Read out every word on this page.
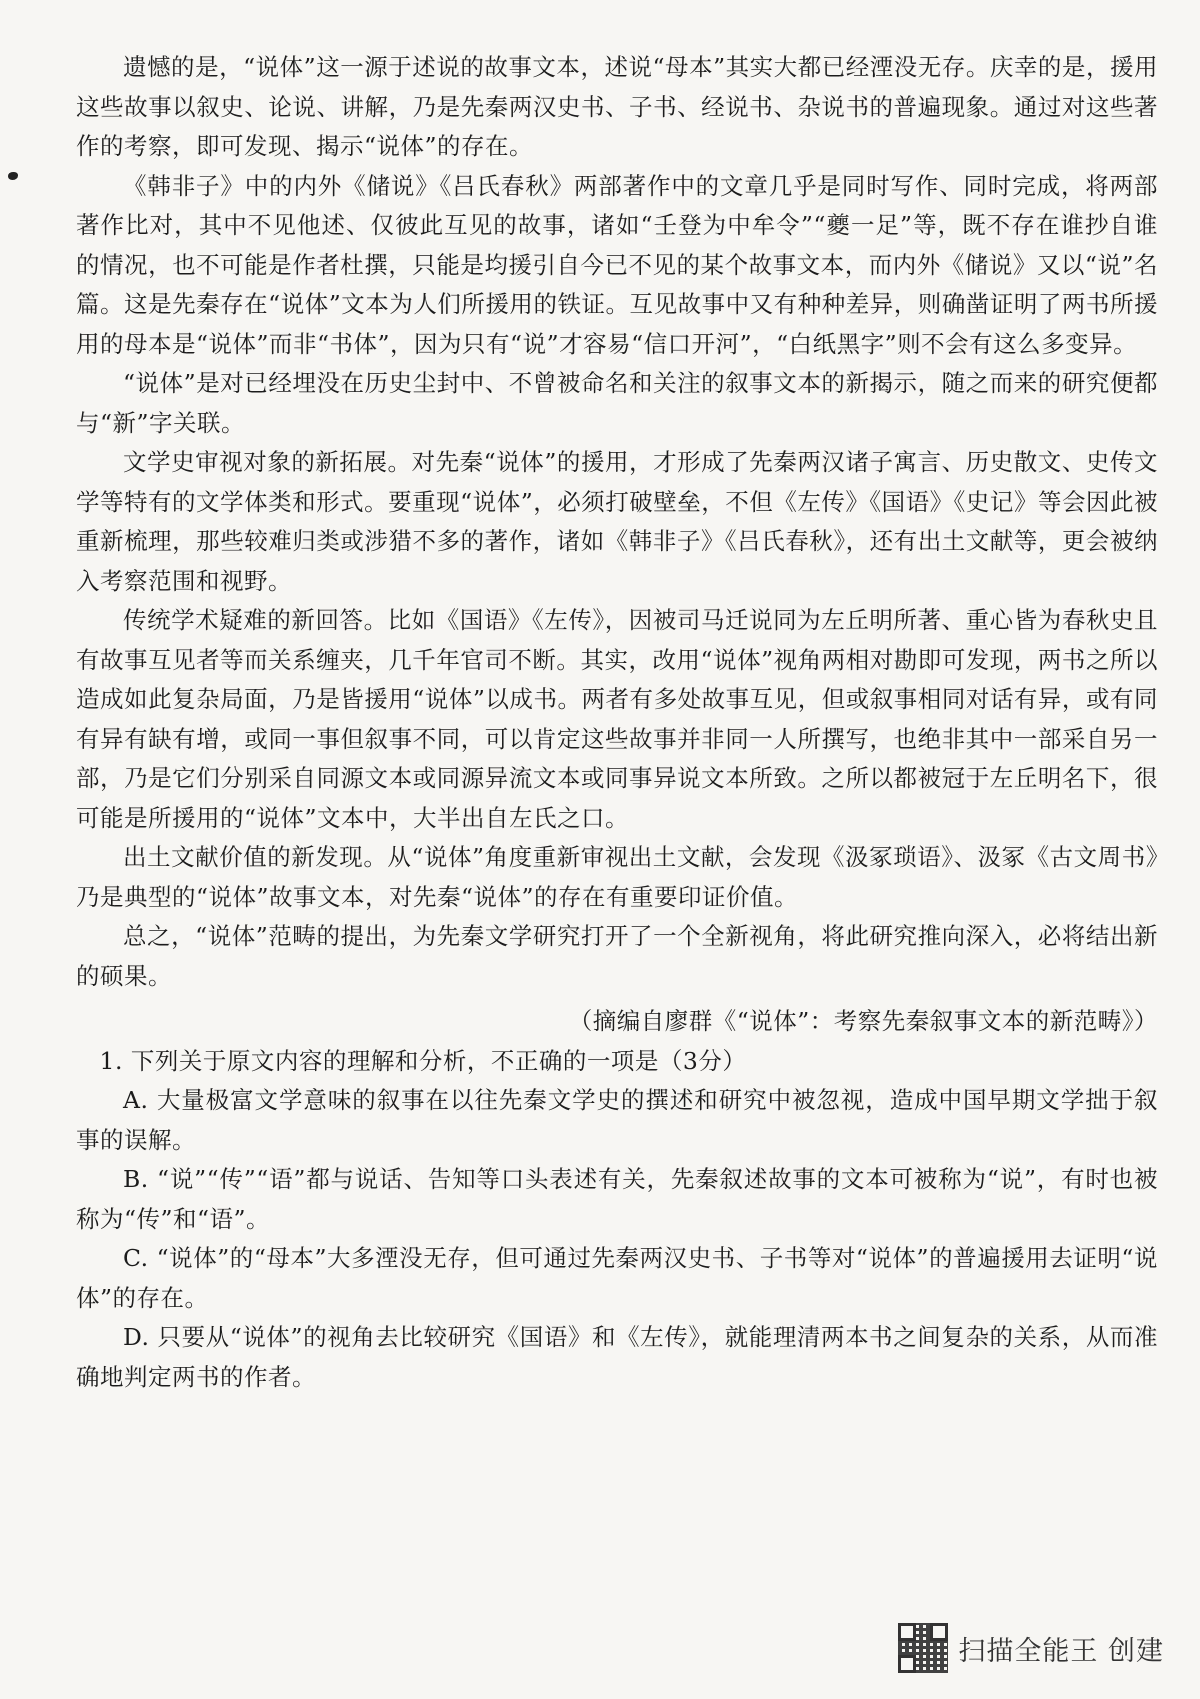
遗憾的是，“说体”这一源于述说的故事文本，述说“母本”其实大都已经湮没无存。庆幸的是，援用这些故事以叙史、论说、讲解，乃是先秦两汉史书、子书、经说书、杂说书的普遍现象。通过对这些著作的考察，即可发现、揭示“说体”的存在。

《韩非子》中的内外《储说》《吕氏春秋》两部著作中的文章几乎是同时写作、同时完成，将两部著作比对，其中不见他述、仅彼此互见的故事，诸如“壬登为中牟令”“夔一足”等，既不存在谁抄自谁的情况，也不可能是作者杜撰，只能是均援引自今已不见的某个故事文本，而内外《储说》又以“说”名篇。这是先秦存在“说体”文本为人们所援用的铁证。互见故事中又有种种差异，则确凿证明了两书所援用的母本是“说体”而非“书体”，因为只有“说”才容易“信口开河”，“白纸黑字”则不会有这么多变异。

“说体”是对已经埋没在历史尘封中、不曾被命名和关注的叙事文本的新揭示，随之而来的研究便都与“新”字关联。

文学史审视对象的新拓展。对先秦“说体”的援用，才形成了先秦两汉诸子寓言、历史散文、史传文学等特有的文学体类和形式。要重现“说体”，必须打破壁垒，不但《左传》《国语》《史记》等会因此被重新梳理，那些较难归类或涉猎不多的著作，诸如《韩非子》《吕氏春秋》，还有出土文献等，更会被纳入考察范围和视野。

传统学术疑难的新回答。比如《国语》《左传》，因被司马迁说同为左丘明所著、重心皆为春秋史且有故事互见者等而关系缠夹，几千年官司不断。其实，改用“说体”视角两相对勘即可发现，两书之所以造成如此复杂局面，乃是皆援用“说体”以成书。两者有多处故事互见，但或叙事相同对话有异，或有同有异有缺有增，或同一事但叙事不同，可以肯定这些故事并非同一人所撰写，也绝非其中一部采自另一部，乃是它们分别采自同源文本或同源异流文本或同事异说文本所致。之所以都被冠于左丘明名下，很可能是所援用的“说体”文本中，大半出自左氏之口。

出土文献价值的新发现。从“说体”角度重新审视出土文献，会发现《汲冢琐语》、汲冢《古文周书》乃是典型的“说体”故事文本，对先秦“说体”的存在有重要印证价值。

总之，“说体”范畴的提出，为先秦文学研究打开了一个全新视角，将此研究推向深入，必将结出新的硕果。

（摘编自廖群《“说体”：考察先秦叙事文本的新范畴》）

1. 下列关于原文内容的理解和分析，不正确的一项是（3分）

A. 大量极富文学意味的叙事在以往先秦文学史的撰述和研究中被忽视，造成中国早期文学拙于叙事的误解。

B. “说”“传”“语”都与说话、告知等口头表述有关，先秦叙述故事的文本可被称为“说”，有时也被称为“传”和“语”。

C. “说体”的“母本”大多湮没无存，但可通过先秦两汉史书、子书等对“说体”的普遍援用去证明“说体”的存在。

D. 只要从“说体”的视角去比较研究《国语》和《左传》，就能理清两本书之间复杂的关系，从而准确地判定两书的作者。

扫描全能王 创建
